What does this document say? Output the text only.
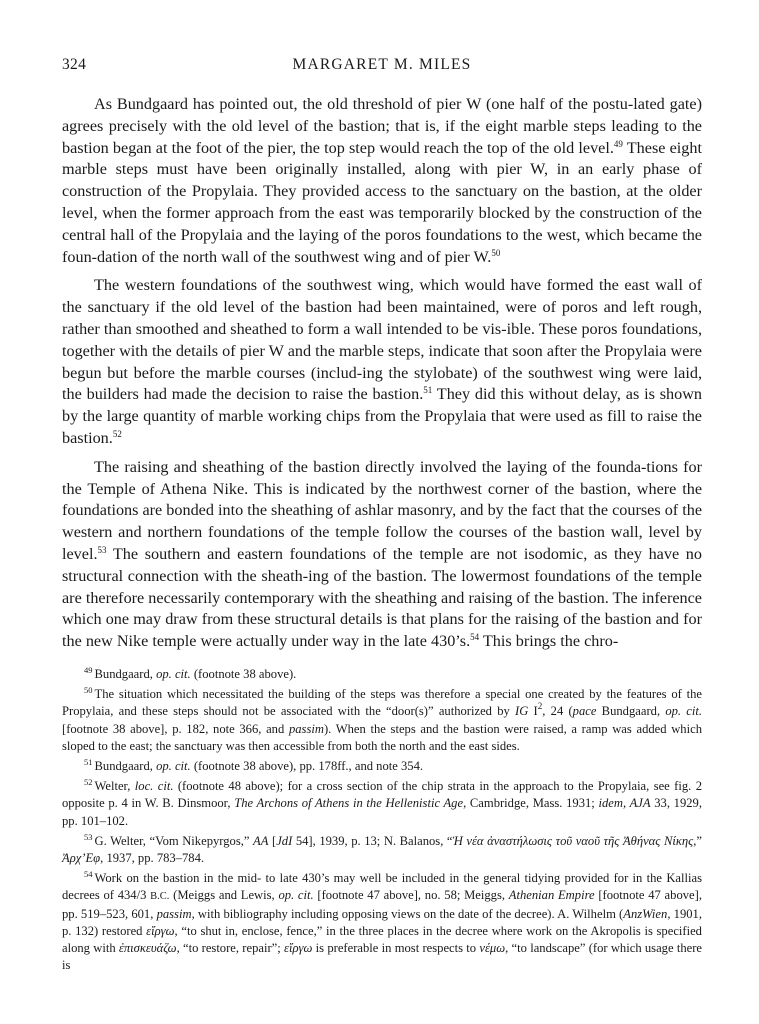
324	MARGARET M. MILES

As Bundgaard has pointed out, the old threshold of pier W (one half of the postu-lated gate) agrees precisely with the old level of the bastion; that is, if the eight marble steps leading to the bastion began at the foot of the pier, the top step would reach the top of the old level.$^{49}$ These eight marble steps must have been originally installed, along with pier W, in an early phase of construction of the Propylaia. They provided access to the sanctuary on the bastion, at the older level, when the former approach from the east was temporarily blocked by the construction of the central hall of the Propylaia and the laying of the poros foundations to the west, which became the foun-dation of the north wall of the southwest wing and of pier W.$^{50}$

The western foundations of the southwest wing, which would have formed the east wall of the sanctuary if the old level of the bastion had been maintained, were of poros and left rough, rather than smoothed and sheathed to form a wall intended to be vis-ible. These poros foundations, together with the details of pier W and the marble steps, indicate that soon after the Propylaia were begun but before the marble courses (includ-ing the stylobate) of the southwest wing were laid, the builders had made the decision to raise the bastion.$^{51}$ They did this without delay, as is shown by the large quantity of marble working chips from the Propylaia that were used as fill to raise the bastion.$^{52}$

The raising and sheathing of the bastion directly involved the laying of the founda-tions for the Temple of Athena Nike. This is indicated by the northwest corner of the bastion, where the foundations are bonded into the sheathing of ashlar masonry, and by the fact that the courses of the western and northern foundations of the temple follow the courses of the bastion wall, level by level.$^{53}$ The southern and eastern foundations of the temple are not isodomic, as they have no structural connection with the sheath-ing of the bastion. The lowermost foundations of the temple are therefore necessarily contemporary with the sheathing and raising of the bastion. The inference which one may draw from these structural details is that plans for the raising of the bastion and for the new Nike temple were actually under way in the late 430’s.$^{54}$ This brings the chro-

$^{49}$ Bundgaard, op. cit. (footnote 38 above).

$^{50}$ The situation which necessitated the building of the steps was therefore a special one created by the features of the Propylaia, and these steps should not be associated with the “door(s)” authorized by IG $I^2$, 24 (pace Bundgaard, op. cit. [footnote 38 above], p. 182, note 366, and passim). When the steps and the bastion were raised, a ramp was added which sloped to the east; the sanctuary was then accessible from both the north and the east sides.

$^{51}$ Bundgaard, op. cit. (footnote 38 above), pp. 178ff., and note 354.

$^{52}$ Welter, loc. cit. (footnote 48 above); for a cross section of the chip strata in the approach to the Propylaia, see fig. 2 opposite p. 4 in W. B. Dinsmoor, The Archons of Athens in the Hellenistic Age, Cambridge, Mass. 1931; idem, AJA 33, 1929, pp. 101–102.

$^{53}$ G. Welter, “Vom Nikepyrgos,” AA [JdI 54], 1939, p. 13; N. Balanos, “Ἡ νέα ἀναστήλωσις τοῦ ναοῦ τῆς Ἀθήνας Νίκης,” Ἀρχ’Εφ, 1937, pp. 783–784.

$^{54}$ Work on the bastion in the mid- to late 430’s may well be included in the general tidying provided for in the Kallias decrees of 434/3 B.C. (Meiggs and Lewis, op. cit. [footnote 47 above], no. 58; Meiggs, Athenian Empire [footnote 47 above], pp. 519–523, 601, passim, with bibliography including opposing views on the date of the decree). A. Wilhelm (AnzWien, 1901, p. 132) restored εἴργω, “to shut in, enclose, fence,” in the three places in the decree where work on the Akropolis is specified along with ἐπισκευάζω, “to restore, repair”; εἴργω is preferable in most respects to νέμω, “to landscape” (for which usage there is
